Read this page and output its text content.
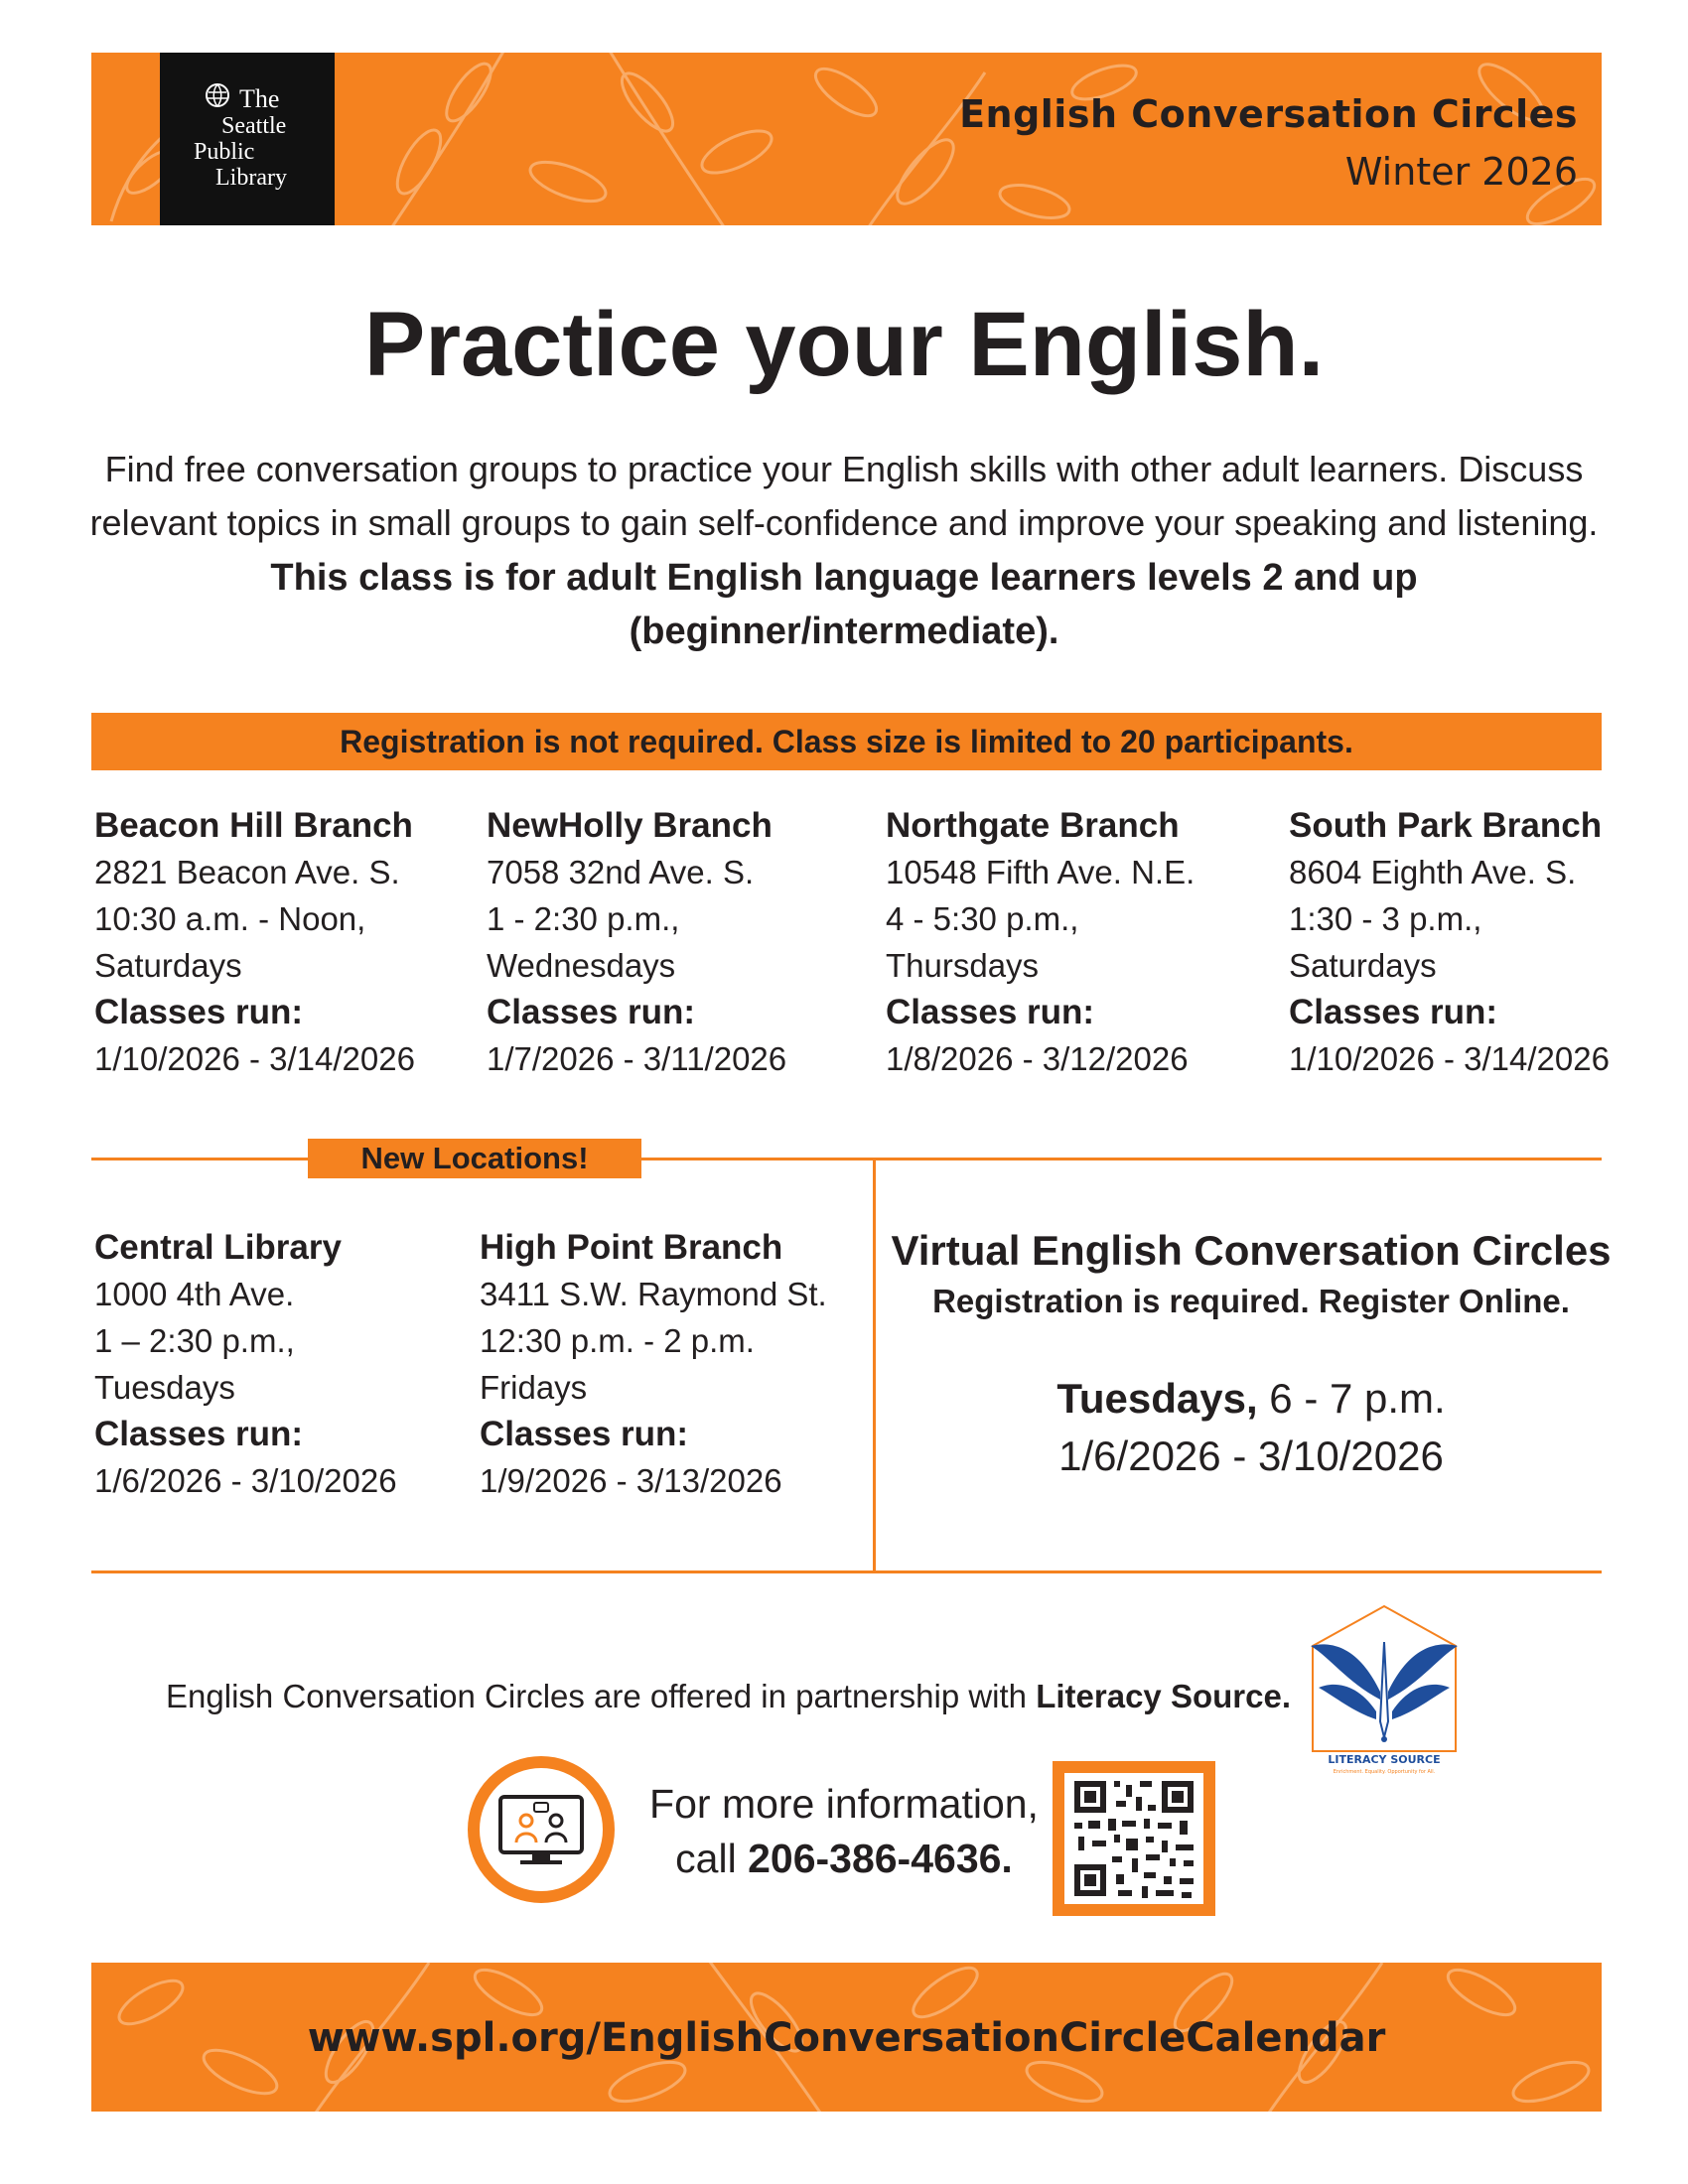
The
Seattle
Public
Library
English Conversation Circles
Winter 2026
Practice your English.
Find free conversation groups to practice your English skills with other adult learners. Discuss
relevant topics in small groups to gain self-confidence and improve your speaking and listening.
This class is for adult English language learners levels 2 and up
(beginner/intermediate).
Registration is not required. Class size is limited to 20 participants.
Beacon Hill Branch
2821 Beacon Ave. S.
10:30 a.m. - Noon,
Saturdays
Classes run:
1/10/2026 - 3/14/2026
NewHolly Branch
7058 32nd Ave. S.
1 - 2:30 p.m.,
Wednesdays
Classes run:
1/7/2026 - 3/11/2026
Northgate Branch
10548 Fifth Ave. N.E.
4 - 5:30 p.m.,
Thursdays
Classes run:
1/8/2026 - 3/12/2026
South Park Branch
8604 Eighth Ave. S.
1:30 - 3 p.m.,
Saturdays
Classes run:
1/10/2026 - 3/14/2026
New Locations!
Central Library
1000 4th Ave.
1 – 2:30 p.m.,
Tuesdays
Classes run:
1/6/2026 - 3/10/2026
High Point Branch
3411 S.W. Raymond St.
12:30 p.m. - 2 p.m.
Fridays
Classes run:
1/9/2026 - 3/13/2026
Virtual English Conversation Circles
Registration is required. Register Online.
Tuesdays, 6 - 7 p.m.
1/6/2026 - 3/10/2026
English Conversation Circles are offered in partnership with Literacy Source.
LITERACY SOURCE
Enrichment. Equality. Opportunity for All.
For more information,
call 206-386-4636.
www.spl.org/EnglishConversationCircleCalendar
